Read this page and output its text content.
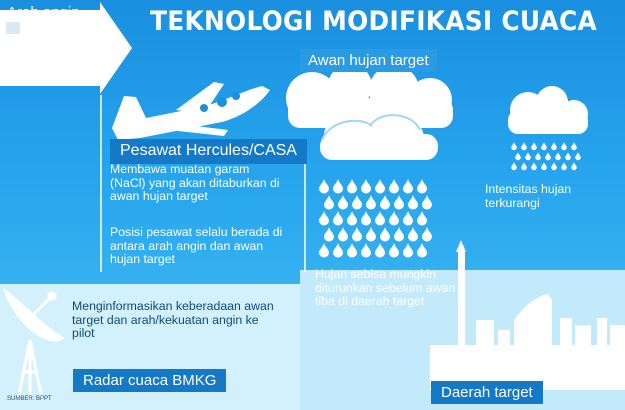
Arah angin
BMKG
TEKNOLOGI MODIFIKASI CUACA
Awan hujan target
Pesawat Hercules/CASA
Membawa muatan garam (NaCl) yang akan ditaburkan di awan hujan target
Posisi pesawat selalu berada di antara arah angin dan awan hujan target
Hujan sebisa mungkin diturunkan sebelum awan tiba di daerah target
Intensitas hujan terkurangi
Menginformasikan keberadaan awan target dan arah/kekuatan angin ke pilot
Radar cuaca BMKG
Daerah target
SUMBER: BPPT
